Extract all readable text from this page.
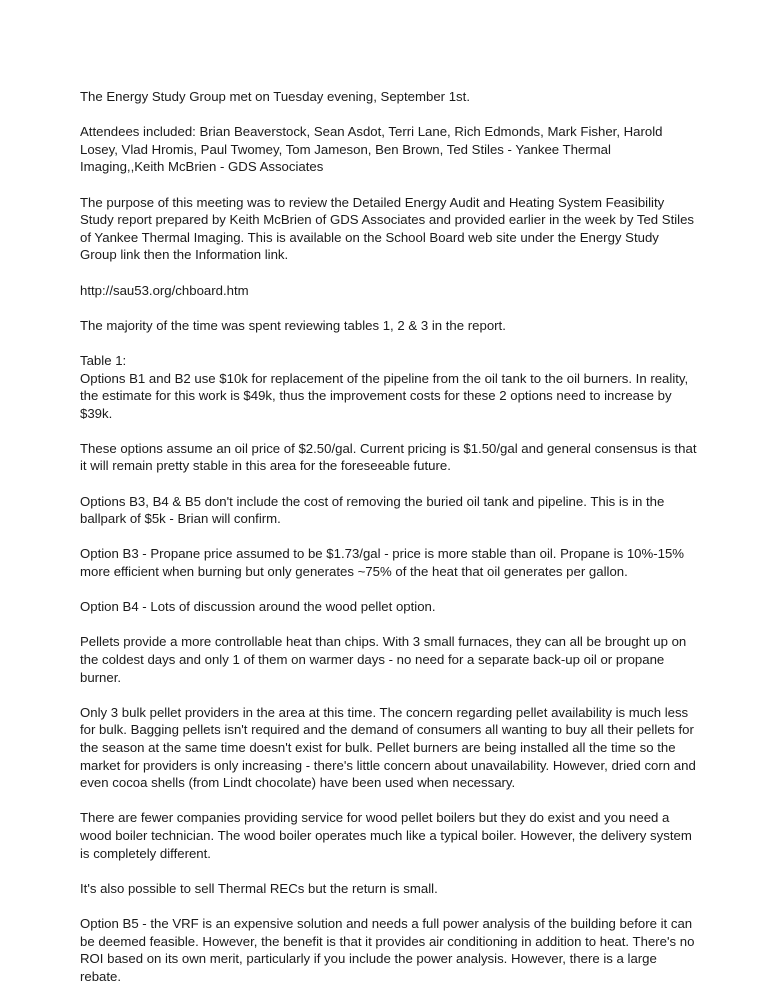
The Energy Study Group met on Tuesday evening, September 1st.

Attendees included: Brian Beaverstock, Sean Asdot, Terri Lane, Rich Edmonds, Mark Fisher, Harold Losey, Vlad Hromis, Paul Twomey, Tom Jameson, Ben Brown, Ted Stiles - Yankee Thermal Imaging,,Keith McBrien - GDS Associates

The purpose of this meeting was to review the Detailed Energy Audit and Heating System Feasibility Study report prepared by Keith McBrien of GDS Associates and provided earlier in the week by Ted Stiles of Yankee Thermal Imaging. This is available on the School Board web site under the Energy Study Group link then the Information link.

http://sau53.org/chboard.htm

The majority of the time was spent reviewing tables 1, 2 & 3 in the report.

Table 1:

Options B1 and B2 use $10k for replacement of the pipeline from the oil tank to the oil burners. In reality, the estimate for this work is $49k, thus the improvement costs for these 2 options need to increase by $39k.

These options assume an oil price of $2.50/gal. Current pricing is $1.50/gal and general consensus is that it will remain pretty stable in this area for the foreseeable future.

Options B3, B4 & B5 don't include the cost of removing the buried oil tank and pipeline. This is in the ballpark of $5k - Brian will confirm.

Option B3 - Propane price assumed to be $1.73/gal - price is more stable than oil. Propane is 10%-15% more efficient when burning but only generates ~75% of the heat that oil generates per gallon.

Option B4 - Lots of discussion around the wood pellet option.

Pellets provide a more controllable heat than chips. With 3 small furnaces, they can all be brought up on the coldest days and only 1 of them on warmer days - no need for a separate back-up oil or propane burner.

Only 3 bulk pellet providers in the area at this time. The concern regarding pellet availability is much less for bulk. Bagging pellets isn't required and the demand of consumers all wanting to buy all their pellets for the season at the same time doesn't exist for bulk. Pellet burners are being installed all the time so the market for providers is only increasing - there's little concern about unavailability. However, dried corn and even cocoa shells (from Lindt chocolate) have been used when necessary.

There are fewer companies providing service for wood pellet boilers but they do exist and you need a wood boiler technician. The wood boiler operates much like a typical boiler. However, the delivery system is completely different.

It's also possible to sell Thermal RECs but the return is small.

Option B5 - the VRF is an expensive solution and needs a full power analysis of the building before it can be deemed feasible. However, the benefit is that it provides air conditioning in addition to heat. There's no ROI based on its own merit, particularly if you include the power analysis. However, there is a large rebate.
